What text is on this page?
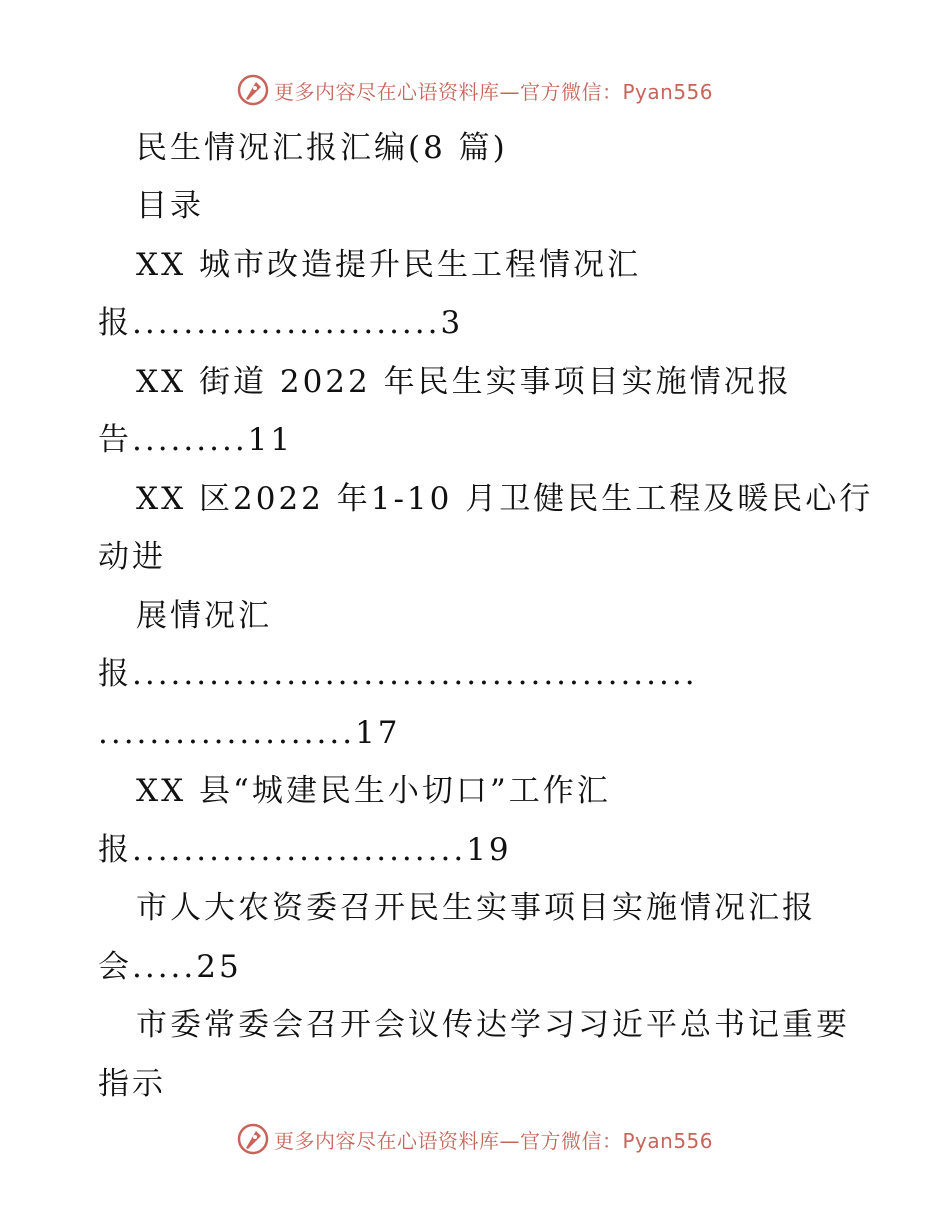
更多内容尽在心语资料库—官方微信：Pyan556
民生情况汇报汇编(8 篇)
目录
XX 城市改造提升民生工程情况汇
报........................3
XX 街道 2022 年民生实事项目实施情况报
告.........11
XX 区2022 年1-10 月卫健民生工程及暖民心行
动进
展情况汇
报............................................
....................17
XX 县“城建民生小切口”工作汇
报..........................19
市人大农资委召开民生实事项目实施情况汇报
会.....25
市委常委会召开会议传达学习习近平总书记重要
指示
更多内容尽在心语资料库—官方微信：Pyan556
